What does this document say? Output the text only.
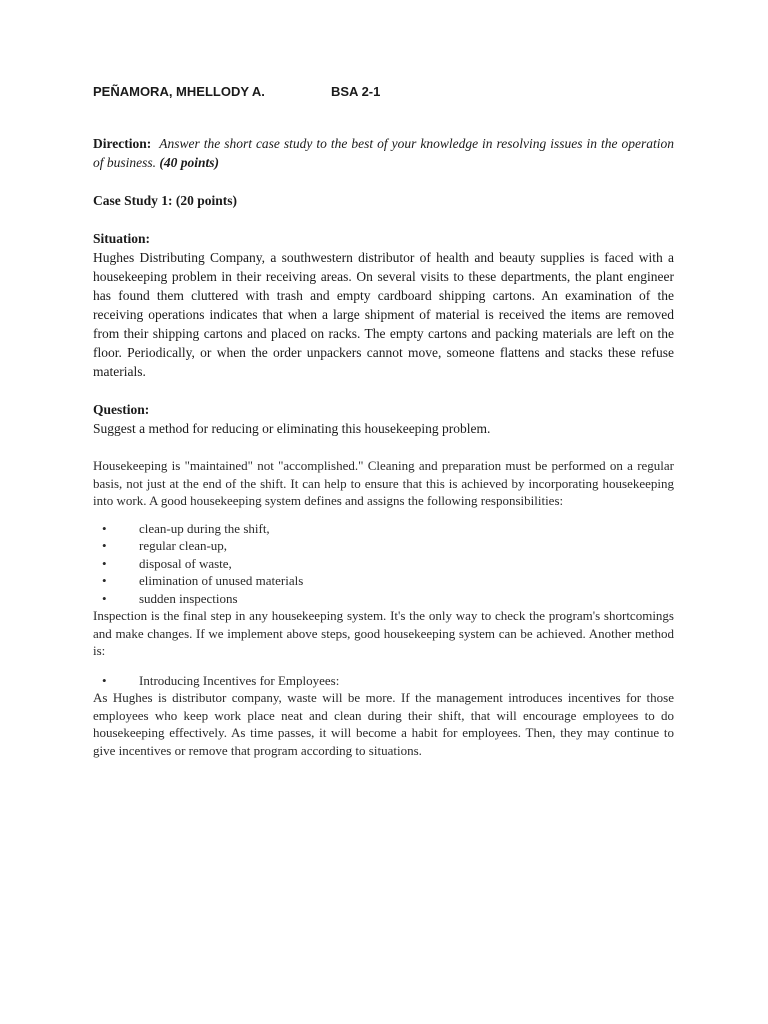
PEÑAMORA, MHELLODY A.	BSA 2-1

Direction: Answer the short case study to the best of your knowledge in resolving issues in the operation of business. (40 points)

Case Study 1: (20 points)
Situation:
Hughes Distributing Company, a southwestern distributor of health and beauty supplies is faced with a housekeeping problem in their receiving areas. On several visits to these departments, the plant engineer has found them cluttered with trash and empty cardboard shipping cartons. An examination of the receiving operations indicates that when a large shipment of material is received the items are removed from their shipping cartons and placed on racks. The empty cartons and packing materials are left on the floor. Periodically, or when the order unpackers cannot move, someone flattens and stacks these refuse materials.
Question:
Suggest a method for reducing or eliminating this housekeeping problem.
Housekeeping is "maintained" not "accomplished." Cleaning and preparation must be performed on a regular basis, not just at the end of the shift. It can help to ensure that this is achieved by incorporating housekeeping into work. A good housekeeping system defines and assigns the following responsibilities:
• clean-up during the shift,
• regular clean-up,
• disposal of waste,
• elimination of unused materials
• sudden inspections
Inspection is the final step in any housekeeping system. It's the only way to check the program's shortcomings and make changes. If we implement above steps, good housekeeping system can be achieved. Another method is:
• Introducing Incentives for Employees:
As Hughes is distributor company, waste will be more. If the management introduces incentives for those employees who keep work place neat and clean during their shift, that will encourage employees to do housekeeping effectively. As time passes, it will become a habit for employees. Then, they may continue to give incentives or remove that program according to situations.
